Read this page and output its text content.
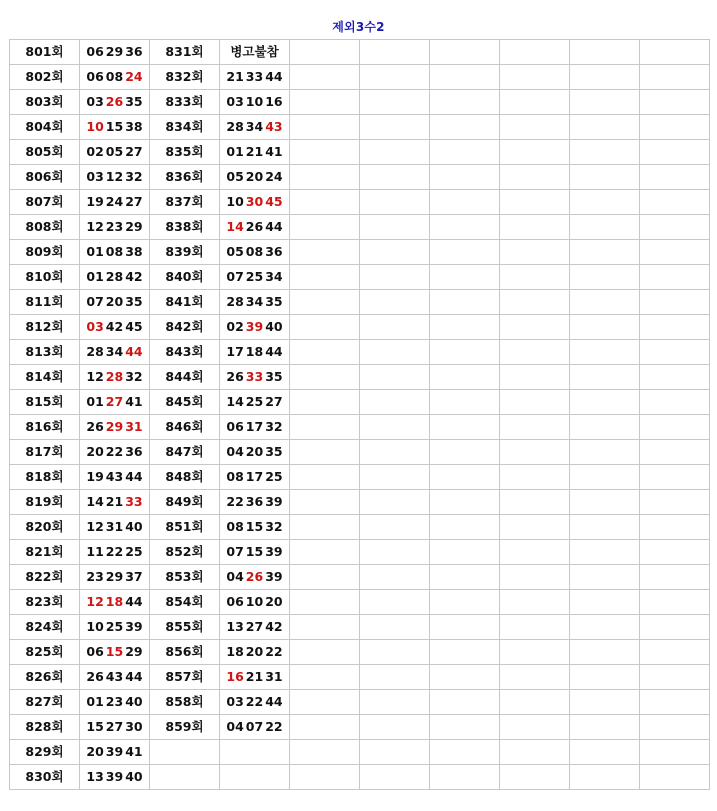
제외3수2
801회	06 29 36	831회	병고불참						
802회	06 08 24	832회	21 33 44						
803회	03 26 35	833회	03 10 16						
804회	10 15 38	834회	28 34 43						
805회	02 05 27	835회	01 21 41						
806회	03 12 32	836회	05 20 24						
807회	19 24 27	837회	10 30 45						
808회	12 23 29	838회	14 26 44						
809회	01 08 38	839회	05 08 36						
810회	01 28 42	840회	07 25 34						
811회	07 20 35	841회	28 34 35						
812회	03 42 45	842회	02 39 40						
813회	28 34 44	843회	17 18 44						
814회	12 28 32	844회	26 33 35						
815회	01 27 41	845회	14 25 27						
816회	26 29 31	846회	06 17 32						
817회	20 22 36	847회	04 20 35						
818회	19 43 44	848회	08 17 25						
819회	14 21 33	849회	22 36 39						
820회	12 31 40	851회	08 15 32						
821회	11 22 25	852회	07 15 39						
822회	23 29 37	853회	04 26 39						
823회	12 18 44	854회	06 10 20						
824회	10 25 39	855회	13 27 42						
825회	06 15 29	856회	18 20 22						
826회	26 43 44	857회	16 21 31						
827회	01 23 40	858회	03 22 44						
828회	15 27 30	859회	04 07 22						
829회	20 39 41								
830회	13 39 40								
